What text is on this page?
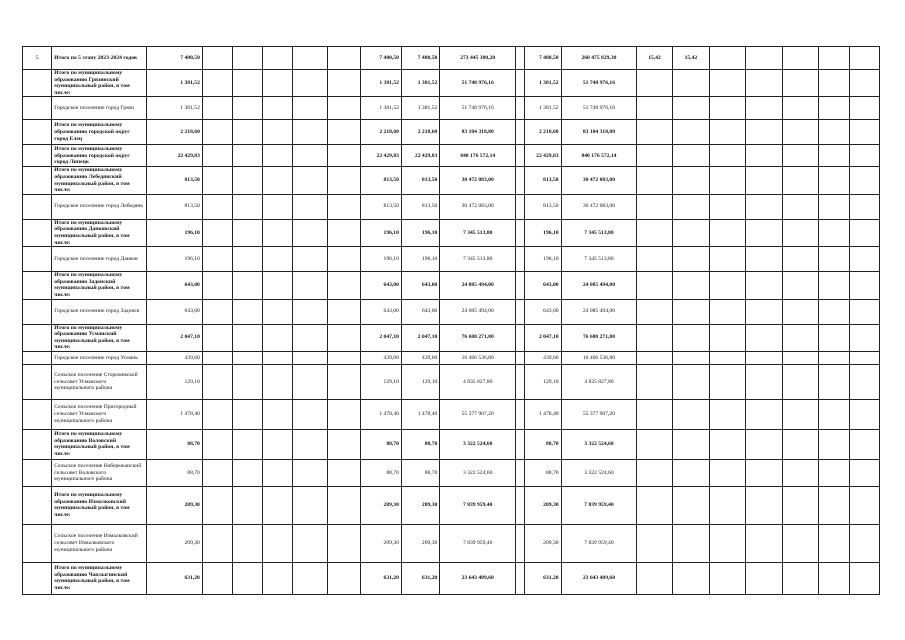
5	Итого по 5 этапу 2023-2024 годов	7 480,50						7 480,50	7 480,50	273 445 380,20		7 480,50	260 475 829,30	15,42	15,42					
	Итого по муниципальному образованию Грязинский муниципальный район, в том числе:	1 381,52						1 381,52	1 381,52	51 748 976,16		1 381,52	51 748 976,16							
	Городское поселение город Грязи	1 381,52						1 381,52	1 381,52	51 748 976,16		1 381,52	51 748 976,16							
	Итого по муниципальному образованию городской округ город Елец	2 218,60						2 218,60	2 218,60	83 104 318,80		2 218,60	83 104 318,80							
	Итого по муниципальному образованию городской округ город Липецк	22 429,83						22 429,83	22 429,83	840 176 572,14		22 429,83	840 176 572,14							
	Итого по муниципальному образованию Лебедянский муниципальный район, в том числе:	813,50						813,50	813,50	30 472 083,00		813,50	30 472 083,00							
	Городское поселение город Лебедянь	813,50						813,50	813,50	30 472 083,00		813,50	30 472 083,00							
	Итого по муниципальному образованию Данковский муниципальный район, в том числе:	196,10						196,10	196,10	7 345 513,80		196,10	7 345 513,80							
	Городское поселение город Данков	196,10						196,10	196,10	7 345 513,80		196,10	7 345 513,80							
	Итого по муниципальному образованию Задонский муниципальный район, в том числе:	643,00						643,00	643,00	24 085 494,00		643,00	24 085 494,00							
	Городское поселение город Задонск	643,00						643,00	643,00	24 085 494,00		643,00	24 085 494,00							
	Итого по муниципальному образованию Усманский муниципальный район, в том числе:	2 047,10						2 047,10	2 047,10	76 680 271,80		2 047,10	76 680 271,80							
	Городское поселение город Усмань	439,60						439,60	439,60	16 466 536,80		439,60	16 466 536,80							
	Сельское поселение Сторожевской сельсовет Усманского муниципального района	129,10						129,10	129,10	4 835 827,80		129,10	4 835 827,80							
	Сельское поселение Пригородный сельсовет Усманского муниципального района	1 478,40						1 478,40	1 478,40	55 377 907,20		1 478,40	55 377 907,20							
	Итого по муниципальному образованию Воловский муниципальный район, в том числе:	88,70						88,70	88,70	3 322 524,60		88,70	3 322 524,60							
	Сельское поселение Набережанский сельсовет Воловского муниципального района	88,70						88,70	88,70	3 322 524,60		88,70	3 322 524,60							
	Итого по муниципальному образованию Измалковский муниципальный район, в том числе:	209,30						209,30	209,30	7 839 959,40		209,30	7 839 959,40							
	Сельское поселение Измалковский сельсовет Измалковского муниципального района	209,30						209,30	209,30	7 839 959,40		209,30	7 839 959,40							
	Итого по муниципальному образованию Чаплыгинский муниципальный район, в том числе:	631,20						631,20	631,20	23 643 489,60		631,20	23 643 489,60							
